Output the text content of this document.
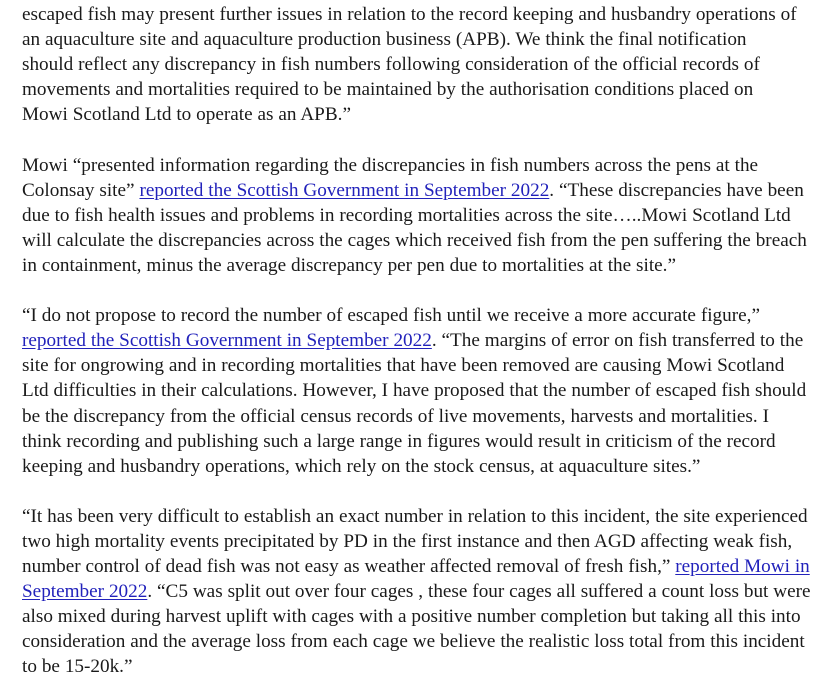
escaped fish may present further issues in relation to the record keeping and husbandry operations of an aquaculture site and aquaculture production business (APB). We think the final notification should reflect any discrepancy in fish numbers following consideration of the official records of movements and mortalities required to be maintained by the authorisation conditions placed on Mowi Scotland Ltd to operate as an APB.”

Mowi “presented information regarding the discrepancies in fish numbers across the pens at the Colonsay site” reported the Scottish Government in September 2022. “These discrepancies have been due to fish health issues and problems in recording mortalities across the site…..Mowi Scotland Ltd will calculate the discrepancies across the cages which received fish from the pen suffering the breach in containment, minus the average discrepancy per pen due to mortalities at the site.”

“I do not propose to record the number of escaped fish until we receive a more accurate figure,” reported the Scottish Government in September 2022. “The margins of error on fish transferred to the site for ongrowing and in recording mortalities that have been removed are causing Mowi Scotland Ltd difficulties in their calculations. However, I have proposed that the number of escaped fish should be the discrepancy from the official census records of live movements, harvests and mortalities. I think recording and publishing such a large range in figures would result in criticism of the record keeping and husbandry operations, which rely on the stock census, at aquaculture sites.”

“It has been very difficult to establish an exact number in relation to this incident, the site experienced two high mortality events precipitated by PD in the first instance and then AGD affecting weak fish, number control of dead fish was not easy as weather affected removal of fresh fish,” reported Mowi in September 2022. “C5 was split out over four cages , these four cages all suffered a count loss but were also mixed during harvest uplift with cages with a positive number completion but taking all this into consideration and the average loss from each cage we believe the realistic loss total from this incident to be 15-20k.”
